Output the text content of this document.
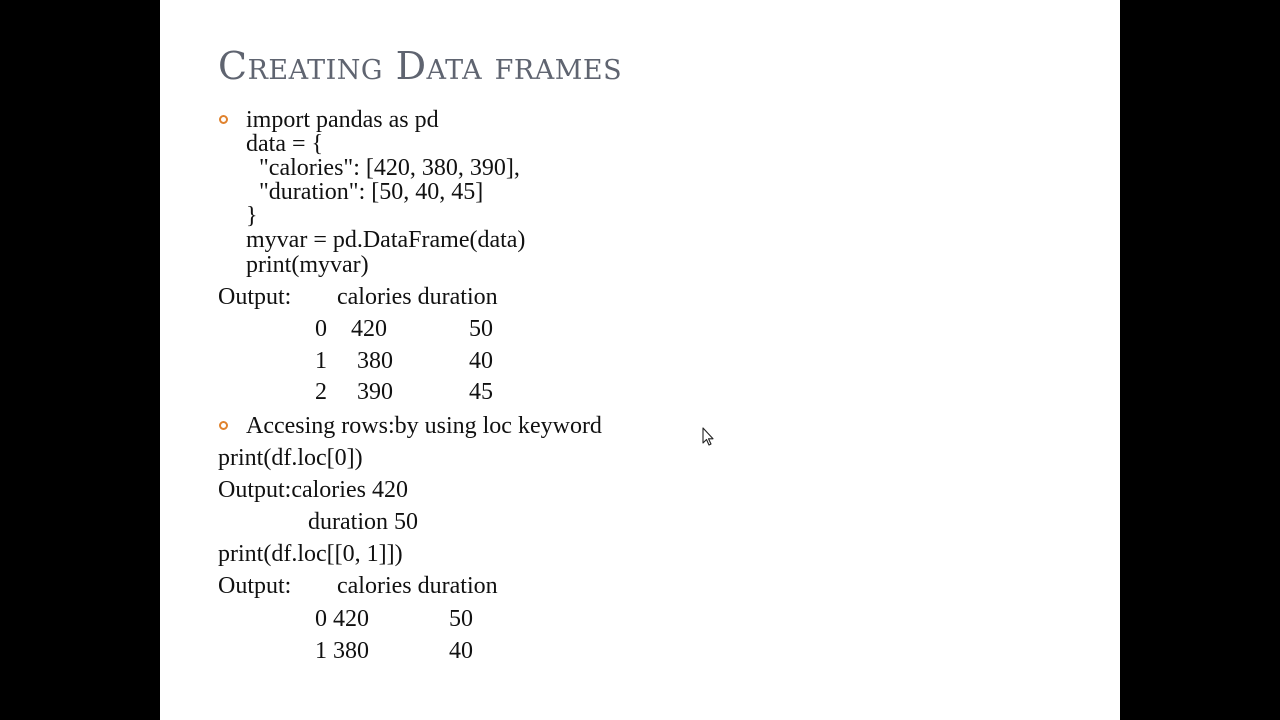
Creating Data frames
import pandas as pd
data = {
"calories": [420, 380, 390],
"duration": [50, 40, 45]
}
myvar = pd.DataFrame(data)
print(myvar)
Output: calories duration
0 420	50
1 380	40
2 390	45
Accesing rows:by using loc keyword
print(df.loc[0])
Output:calories 420
duration 50
print(df.loc[[0, 1]])
Output: calories duration
0 420	50
1 380	40
